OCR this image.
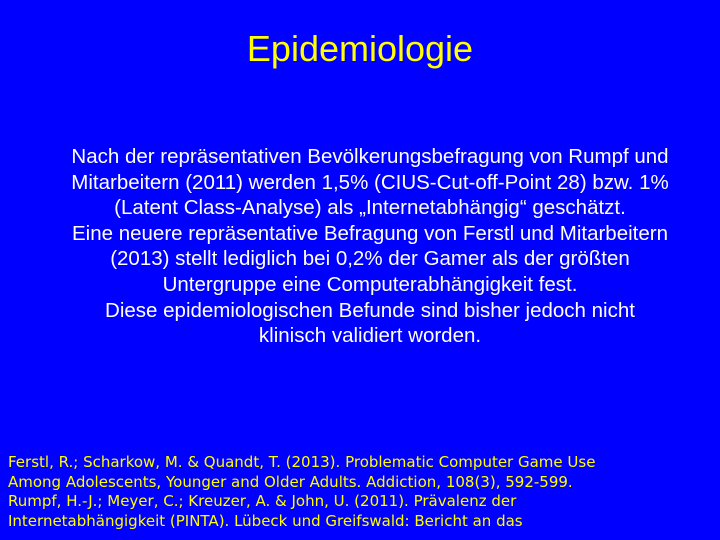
Epidemiologie

Nach der repräsentativen Bevölkerungsbefragung von Rumpf und Mitarbeitern (2011) werden 1,5% (CIUS-Cut-off-Point 28) bzw. 1% (Latent Class-Analyse) als „Internetabhängig“ geschätzt.

Eine neuere repräsentative Befragung von Ferstl und Mitarbeitern (2013) stellt lediglich bei 0,2% der Gamer als der größten Untergruppe eine Computerabhängigkeit fest.

Diese epidemiologischen Befunde sind bisher jedoch nicht klinisch validiert worden.

Ferstl, R.; Scharkow, M. & Quandt, T. (2013). Problematic Computer Game Use
Among Adolescents, Younger and Older Adults. Addiction, 108(3), 592-599.
Rumpf, H.-J.; Meyer, C.; Kreuzer, A. & John, U. (2011). Prävalenz der
Internetabhängigkeit (PINTA). Lübeck und Greifswald: Bericht an das
